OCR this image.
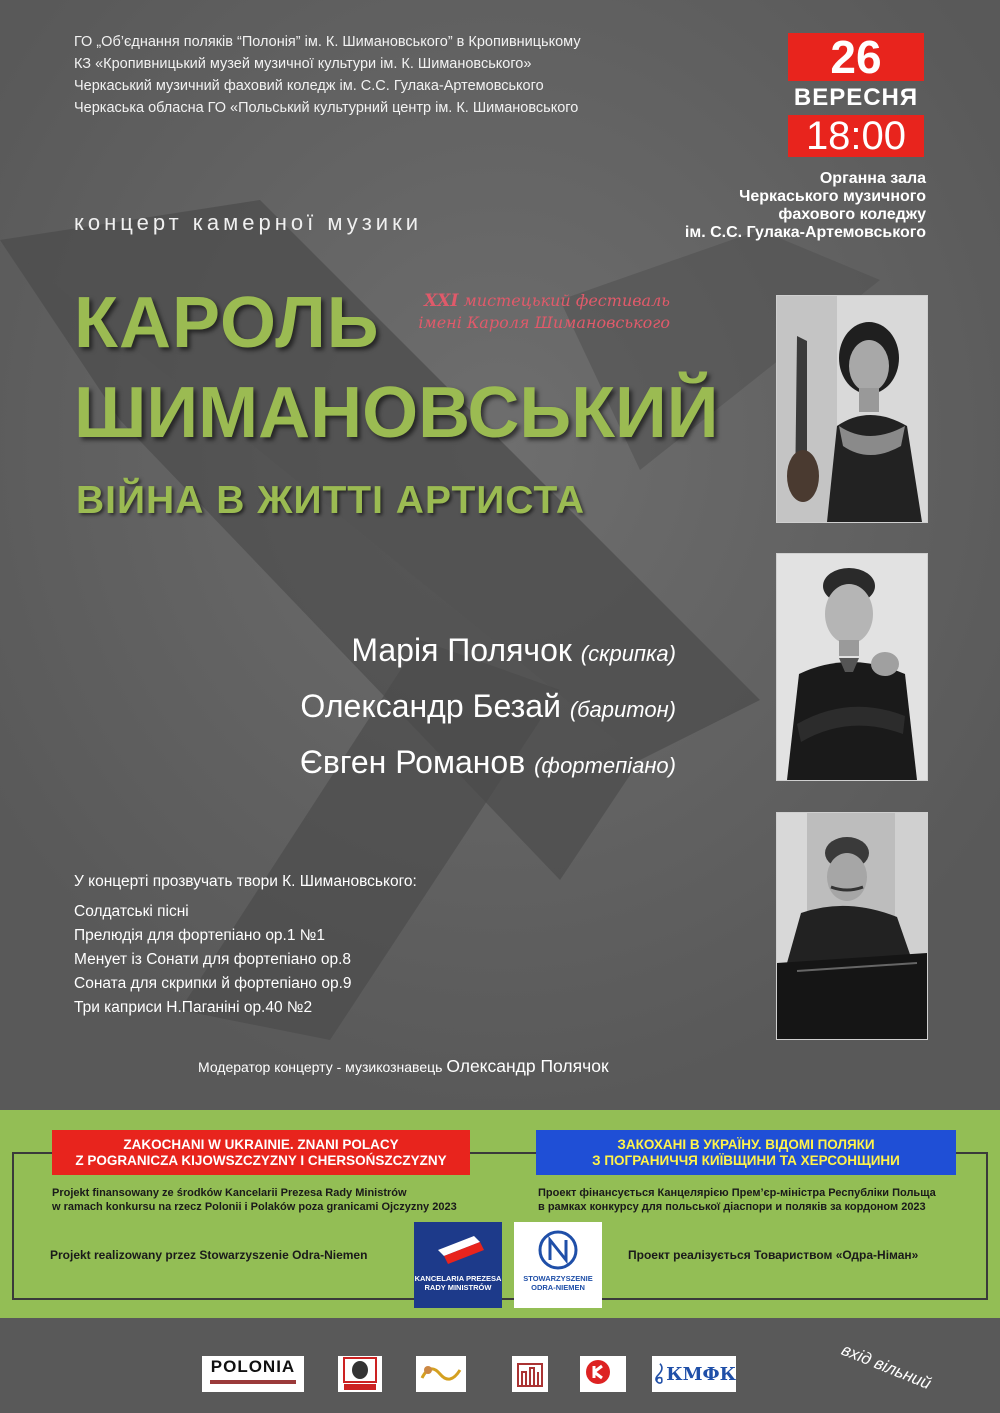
ГО „Об’єднання поляків “Полонія” ім. К. Шимановського” в Кропивницькому
КЗ «Кропивницький музей музичної культури ім. К. Шимановського»
Черкаський музичний фаховий коледж ім. С.С. Гулака-Артемовського
Черкаська обласна ГО «Польський культурний центр ім. К. Шимановського
26
ВЕРЕСНЯ
18:00
Органна зала
Черкаського музичного
фахового коледжу
ім. С.С. Гулака-Артемовського
концерт камерної музики
XXI мистецький фестиваль
імені Кароля Шимановського
КАРОЛЬ
ШИМАНОВСЬКИЙ
ВІЙНА В ЖИТТІ АРТИСТА
Марія Полячок (скрипка)
Олександр Безай (баритон)
Євген Романов (фортепіано)
У концерті прозвучать твори К. Шимановського:
Солдатські пісні
Прелюдія для фортепіано ор.1 №1
Менует із Сонати для фортепіано ор.8
Соната для скрипки й фортепіано ор.9
Три каприси Н.Паганіні ор.40 №2
Модератор концерту - музикознавець Олександр Полячок
ZAKOCHANI W UKRAINIE. ZNANI POLACY
Z POGRANICZA KIJOWSZCZYZNY I CHERSOŃSZCZYZNY
ЗАКОХАНІ В УКРАЇНУ. ВІДОМІ ПОЛЯКИ
З ПОГРАНИЧЧЯ КИЇВЩИНИ ТА ХЕРСОНЩИНИ
Projekt finansowany ze środków Kancelarii Prezesa Rady Ministrów
w ramach konkursu na rzecz Polonii i Polaków poza granicami Ojczyzny 2023
Проект фінансується Канцелярією Прем’єр-міністра Республіки Польща
в рамках конкурсу для польської діаспори и поляків за кордоном 2023
Projekt realizowany przez Stowarzyszenie Odra-Niemen	Проект реалізується Товариством «Одра-Німан»
KANCELARIA PREZESA
RADY MINISTRÓW
STOWARZYSZENIE
ODRA-NIEMEN
POLONIA	КМФК	вхід вільний
